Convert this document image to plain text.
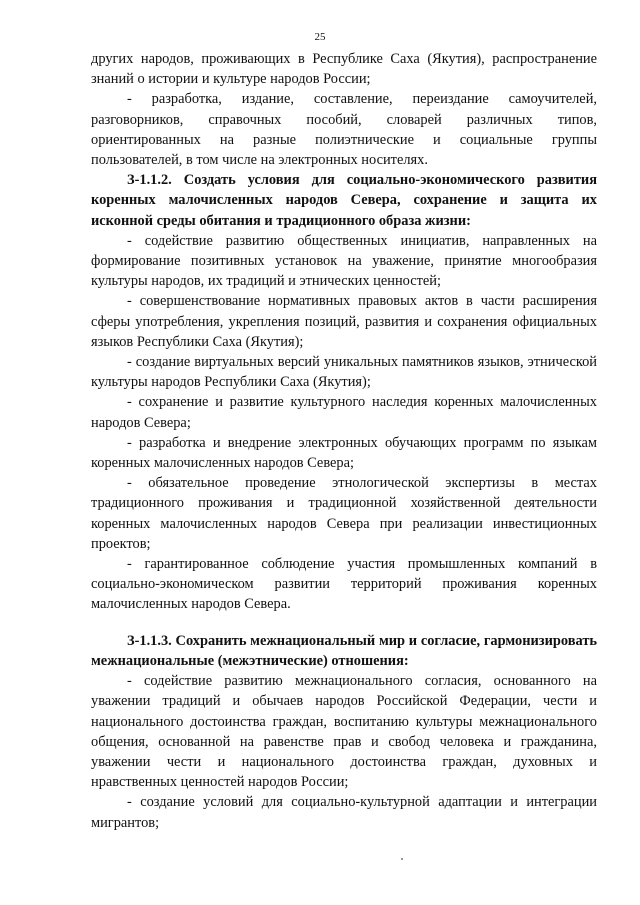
25

других народов, проживающих в Республике Саха (Якутия), распространение знаний о истории и культуре народов России;

- разработка, издание, составление, переиздание самоучителей, разговорников, справочных пособий, словарей различных типов, ориентированных на разные полиэтнические и социальные группы пользователей, в том числе на электронных носителях.

З-1.1.2. Создать условия для социально-экономического развития коренных малочисленных народов Севера, сохранение и защита их исконной среды обитания и традиционного образа жизни:

- содействие развитию общественных инициатив, направленных на формирование позитивных установок на уважение, принятие многообразия культуры народов, их традиций и этнических ценностей;

- совершенствование нормативных правовых актов в части расширения сферы употребления, укрепления позиций, развития и сохранения официальных языков Республики Саха (Якутия);

- создание виртуальных версий уникальных памятников языков, этнической культуры народов Республики Саха (Якутия);

- сохранение и развитие культурного наследия коренных малочисленных народов Севера;

- разработка и внедрение электронных обучающих программ по языкам коренных малочисленных народов Севера;

- обязательное проведение этнологической экспертизы в местах традиционного проживания и традиционной хозяйственной деятельности коренных малочисленных народов Севера при реализации инвестиционных проектов;

- гарантированное соблюдение участия промышленных компаний в социально-экономическом развитии территорий проживания коренных малочисленных народов Севера.

З-1.1.3. Сохранить межнациональный мир и согласие, гармонизировать межнациональные (межэтнические) отношения:

- содействие развитию межнационального согласия, основанного на уважении традиций и обычаев народов Российской Федерации, чести и национального достоинства граждан, воспитанию культуры межнационального общения, основанной на равенстве прав и свобод человека и гражданина, уважении чести и национального достоинства граждан, духовных и нравственных ценностей народов России;

- создание условий для социально-культурной адаптации и интеграции мигрантов;
